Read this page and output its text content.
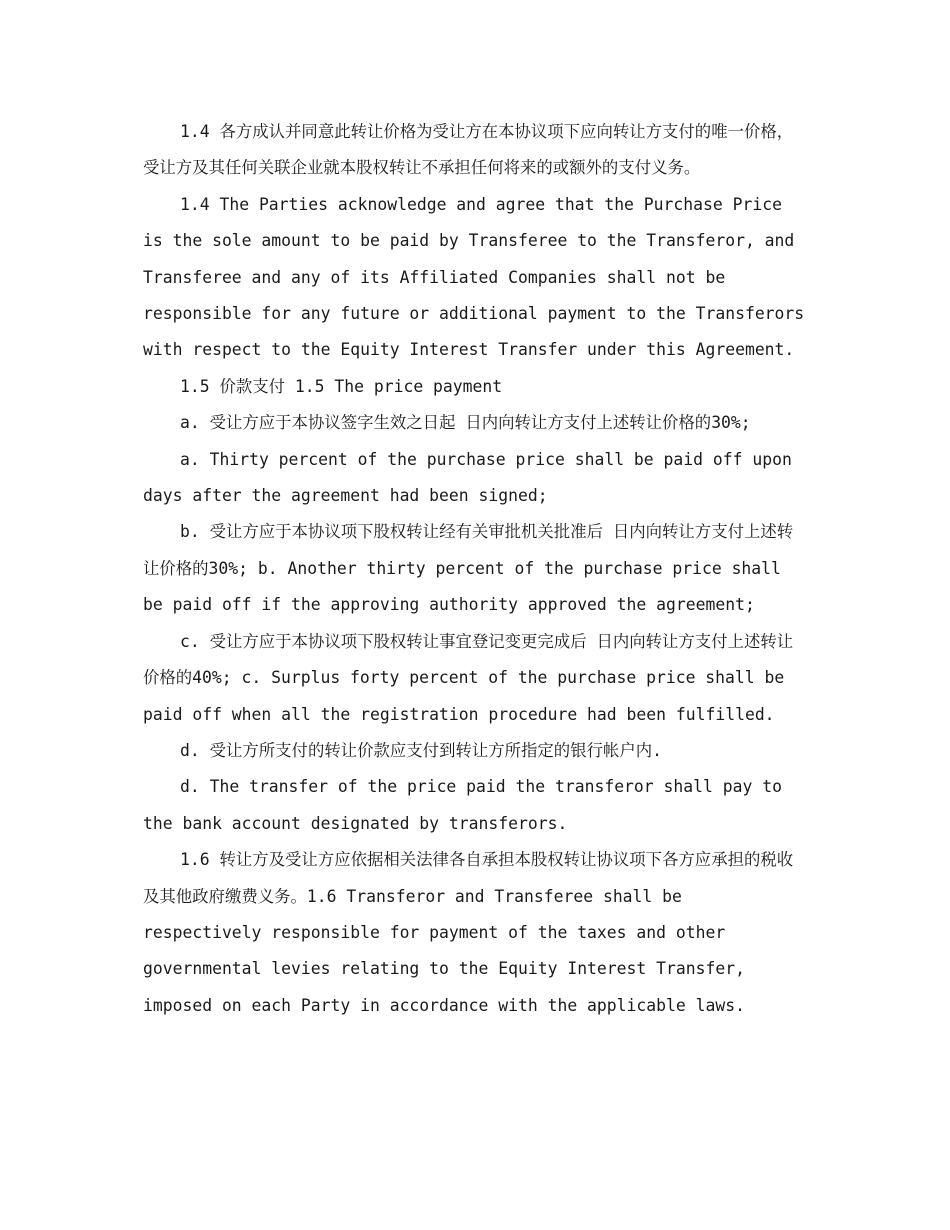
1.4 各方成认并同意此转让价格为受让方在本协议项下应向转让方支付的唯一价格，受让方及其任何关联企业就本股权转让不承担任何将来的或额外的支付义务。

1.4 The Parties acknowledge and agree that the Purchase Price is the sole amount to be paid by Transferee to the Transferor, and Transferee and any of its Affiliated Companies shall not be responsible for any future or additional payment to the Transferors with respect to the Equity Interest Transfer under this Agreement.

1.5 价款支付 1.5 The price payment

a. 受让方应于本协议签字生效之日起 日内向转让方支付上述转让价格的30%;

a. Thirty percent of the purchase price shall be paid off upon days after the agreement had been signed;

b. 受让方应于本协议项下股权转让经有关审批机关批准后 日内向转让方支付上述转让价格的30%; b. Another thirty percent of the purchase price shall be paid off if the approving authority approved the agreement;

c. 受让方应于本协议项下股权转让事宜登记变更完成后 日内向转让方支付上述转让价格的40%; c. Surplus forty percent of the purchase price shall be paid off when all the registration procedure had been fulfilled.

d. 受让方所支付的转让价款应支付到转让方所指定的银行帐户内.

d. The transfer of the price paid the transferor shall pay to the bank account designated by transferors.

1.6 转让方及受让方应依据相关法律各自承担本股权转让协议项下各方应承担的税收及其他政府缴费义务。1.6 Transferor and Transferee shall be respectively responsible for payment of the taxes and other governmental levies relating to the Equity Interest Transfer, imposed on each Party in accordance with the applicable laws.
